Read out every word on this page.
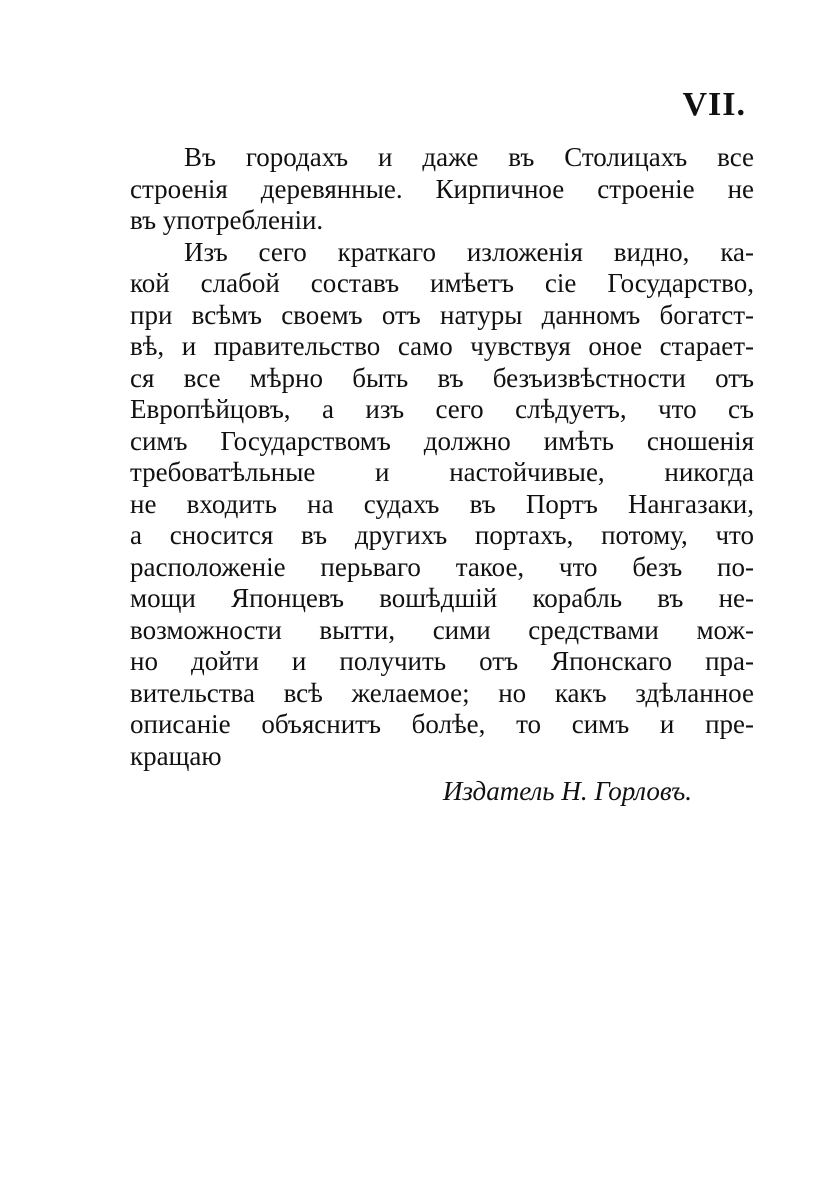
VII.
Въ городахъ и даже въ Столицахъ все
строенія деревянные. Кирпичное строеніе не
въ употребленіи.
Изъ сего краткаго изложенія видно, ка-
кой слабой составъ имѣетъ сіе Государство,
при всѣмъ своемъ отъ натуры данномъ богатст-
вѣ, и правительство само чувствуя оное старает-
ся все мѣрно быть въ безъизвѣстности отъ
Европѣйцовъ, а изъ сего слѣдуетъ, что съ
симъ Государствомъ должно имѣть сношенія
требоватѣльные и настойчивые, никогда
не входить на судахъ въ Портъ Нангазаки,
а сносится въ другихъ портахъ, потому, что
расположеніе перьваго такое, что безъ по-
мощи Японцевъ вошѣдшій корабль въ не-
возможности вытти, сими средствами мож-
но дойти и получить отъ Японскаго пра-
вительства всѣ желаемое; но какъ здѣланное
описаніе объяснитъ болѣе, то симъ и пре-
кращаю
Издатель Н. Горловъ.
